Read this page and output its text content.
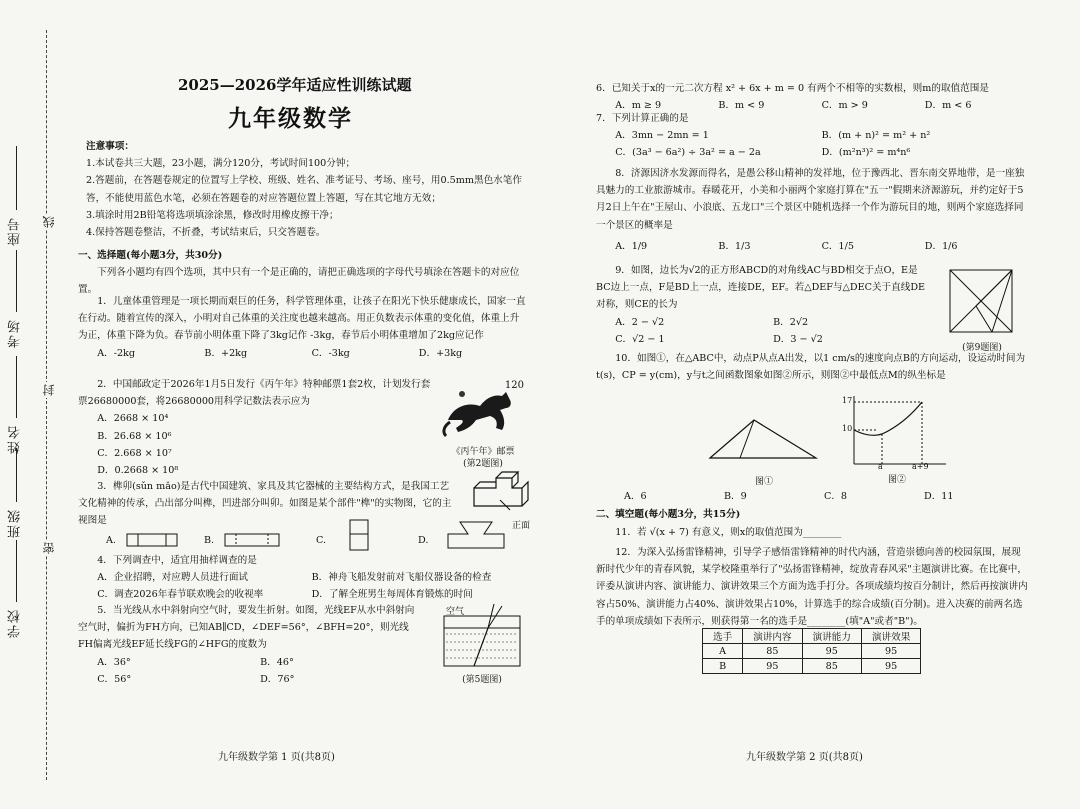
座号
考场
姓名
班级
学校
线
封
密
2025—2026学年适应性训练试题
九年级数学
注意事项：
1.本试卷共三大题，23小题，满分120分，考试时间100分钟；
2.答题前，在答题卷规定的位置写上学校、班级、姓名、准考证号、考场、座号，用0.5mm黑色水笔作答，不能使用蓝色水笔，必须在答题卷的对应答题位置上答题，写在其它地方无效；
3.填涂时用2B铅笔将选项填涂涂黑，修改时用橡皮擦干净；
4.保持答题卷整洁，不折叠，考试结束后，只交答题卷。
一、选择题(每小题3分，共30分)
下列各小题均有四个选项，其中只有一个是正确的，请把正确选项的字母代号填涂在答题卡的对应位置。
1．儿童体重管理是一项长期而艰巨的任务，科学管理体重，让孩子在阳光下快乐健康成长，国家一直在行动。随着宣传的深入，小明对自己体重的关注度也越来越高。用正负数表示体重的变化值，体重上升为正，体重下降为负。春节前小明体重下降了3kg记作 -3kg，春节后小明体重增加了2kg应记作
A．-2kg	B．+2kg	C．-3kg	D．+3kg
2．中国邮政定于2026年1月5日发行《丙午年》特种邮票1套2枚，计划发行套票26680000套，将26680000用科学记数法表示应为
A．2668 × 10⁴
B．26.68 × 10⁶
C．2.668 × 10⁷
D．0.2668 × 10⁸
120
《丙午年》邮票
(第2题图)
3．榫卯(sǔn mǎo)是古代中国建筑、家具及其它器械的主要结构方式，是我国工艺文化精神的传承，凸出部分叫榫，凹进部分叫卯。如图是某个部件"榫"的实物图，它的主视图是	正面
A.	B.	C.	D.
4．下列调查中，适宜用抽样调查的是
A．企业招聘，对应聘人员进行面试	B．神舟飞船发射前对飞船仪器设备的检查
C．调查2026年春节联欢晚会的收视率	D．了解全班男生每周体育锻炼的时间
5．当光线从水中斜射向空气时，要发生折射。如图，光线EF从水中斜射向空气时，偏折为FH方向，已知AB∥CD，∠DEF=56°，∠BFH=20°，则光线FH偏离光线EF延长线FG的∠HFG的度数为
A．36°	B．46°
C．56°	D．76°
空气
(第5题图)
九年级数学第 1 页(共8页)
6．已知关于x的一元二次方程 x² + 6x + m = 0 有两个不相等的实数根，则m的取值范围是
A．m ≥ 9	B．m < 9	C．m > 9	D．m < 6
7．下列计算正确的是
A．3mn − 2mn = 1	B．(m + n)² = m² + n²
C．(3a³ − 6a²) ÷ 3a² = a − 2a	D．(m²n³)² = m⁴n⁶
8．济源因济水发源而得名，是愚公移山精神的发祥地，位于豫西北、晋东南交界地带，是一座独具魅力的工业旅游城市。春暖花开，小美和小丽两个家庭打算在"五一"假期来济源游玩，并约定好于5月2日上午在"王屋山、小浪底、五龙口"三个景区中随机选择一个作为游玩目的地，则两个家庭选择同一个景区的概率是
A．1/9	B．1/3	C．1/5	D．1/6
9．如图，边长为√2的正方形ABCD的对角线AC与BD相交于点O，E是BC边上一点，F是BD上一点，连接DE，EF。若△DEF与△DEC关于直线DE对称，则CE的长为
A．2 − √2	B．2√2
C．√2 − 1	D．3 − √2
(第9题图)
10．如图①，在△ABC中，动点P从点A出发，以1 cm/s的速度向点B的方向运动，设运动时间为t(s)，CP = y(cm)，y与t之间函数图象如图②所示，则图②中最低点M的纵坐标是
图①
17
10
a	a+9
图②
A．6	B．9	C．8	D．11
二、填空题(每小题3分，共15分)
11．若 √(x + 7) 有意义，则x的取值范围为________
12．为深入弘扬雷锋精神，引导学子感悟雷锋精神的时代内涵，营造崇德向善的校园氛围，展现新时代少年的青春风貌，某学校隆重举行了"弘扬雷锋精神，绽放青春风采"主题演讲比赛。在比赛中，评委从演讲内容、演讲能力、演讲效果三个方面为选手打分。各项成绩均按百分制计，然后再按演讲内容占50%、演讲能力占40%、演讲效果占10%，计算选手的综合成绩(百分制)。进入决赛的前两名选手的单项成绩如下表所示，则获得第一名的选手是________(填"A"或者"B")。
选手	演讲内容	演讲能力	演讲效果
A	85	95	95
B	95	85	95
九年级数学第 2 页(共8页)
